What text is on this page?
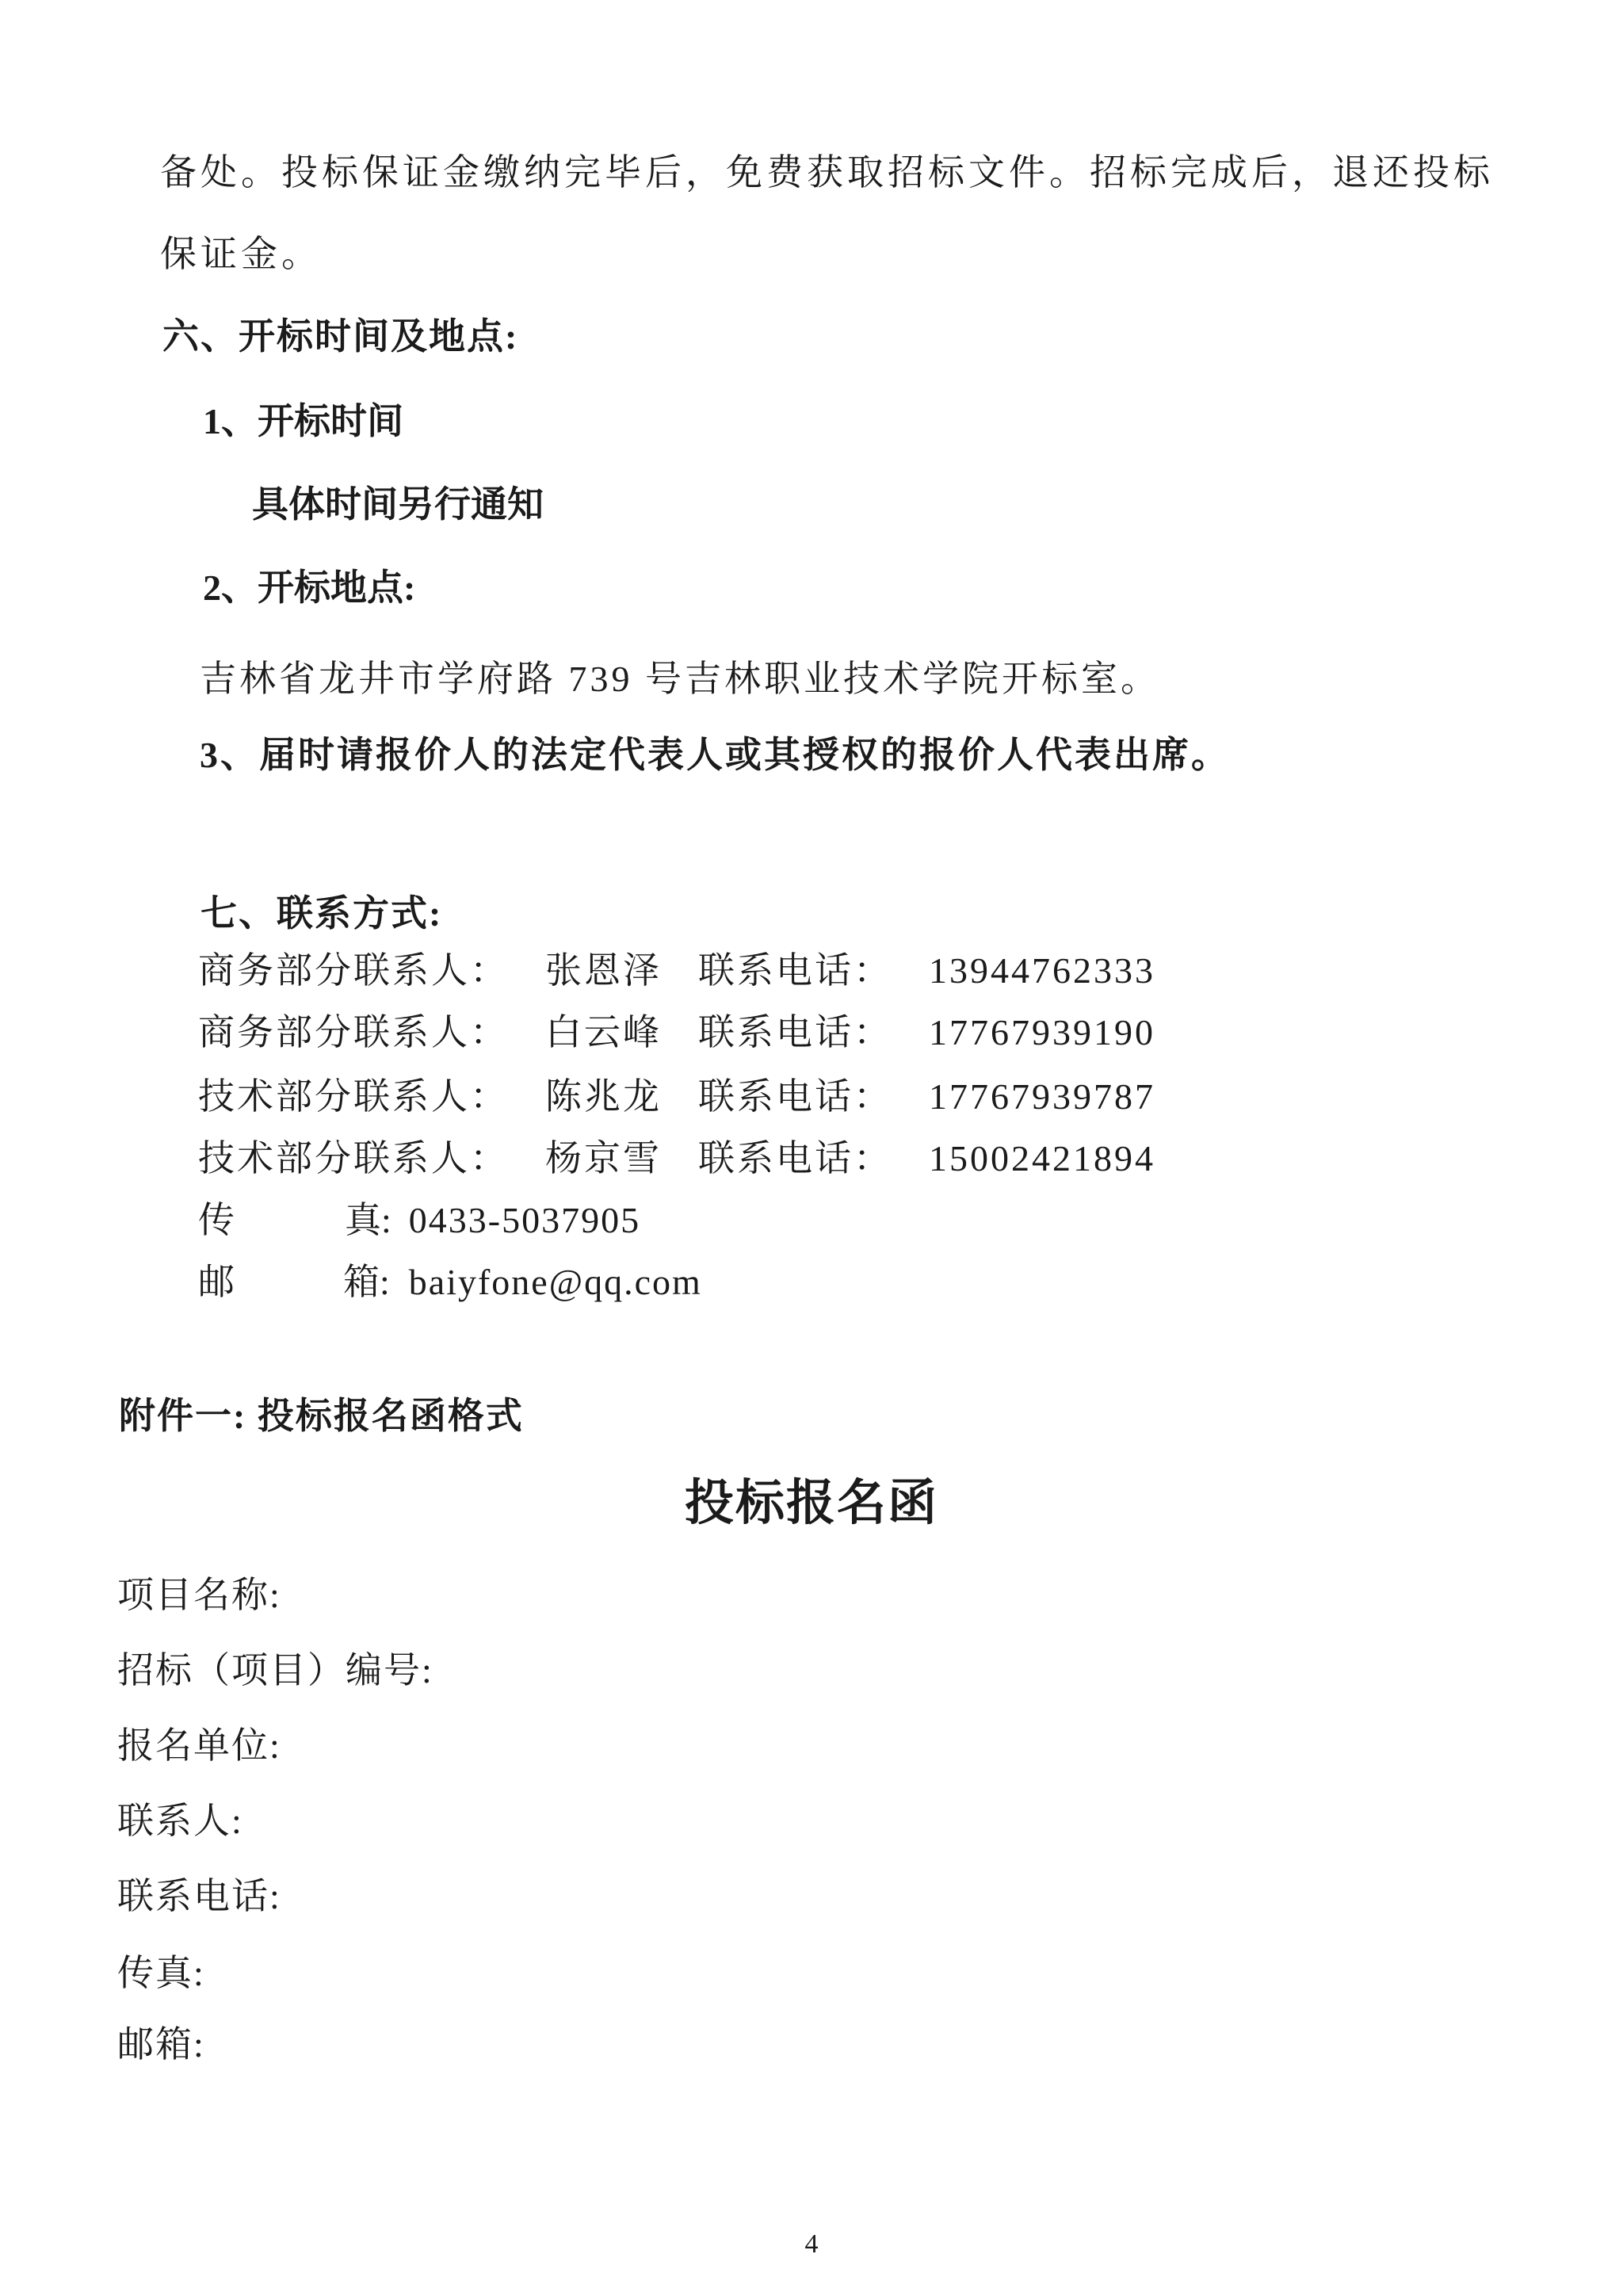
备处。投标保证金缴纳完毕后，免费获取招标文件。招标完成后，退还投标
保证金。
六、开标时间及地点:
1、开标时间
具体时间另行通知
2、开标地点:
吉林省龙井市学府路 739 号吉林职业技术学院开标室。
3、届时请报价人的法定代表人或其授权的报价人代表出席。
七、联系方式:
商务部分联系人： 张恩泽 联系电话： 13944762333
商务部分联系人： 白云峰 联系电话： 17767939190
技术部分联系人： 陈兆龙 联系电话： 17767939787
技术部分联系人： 杨京雪 联系电话： 15002421894
传	真: 0433-5037905
邮	箱: baiyfone@qq.com
附件一: 投标报名函格式
投标报名函
项目名称:
招标（项目）编号:
报名单位:
联系人:
联系电话:
传真:
邮箱:
4
